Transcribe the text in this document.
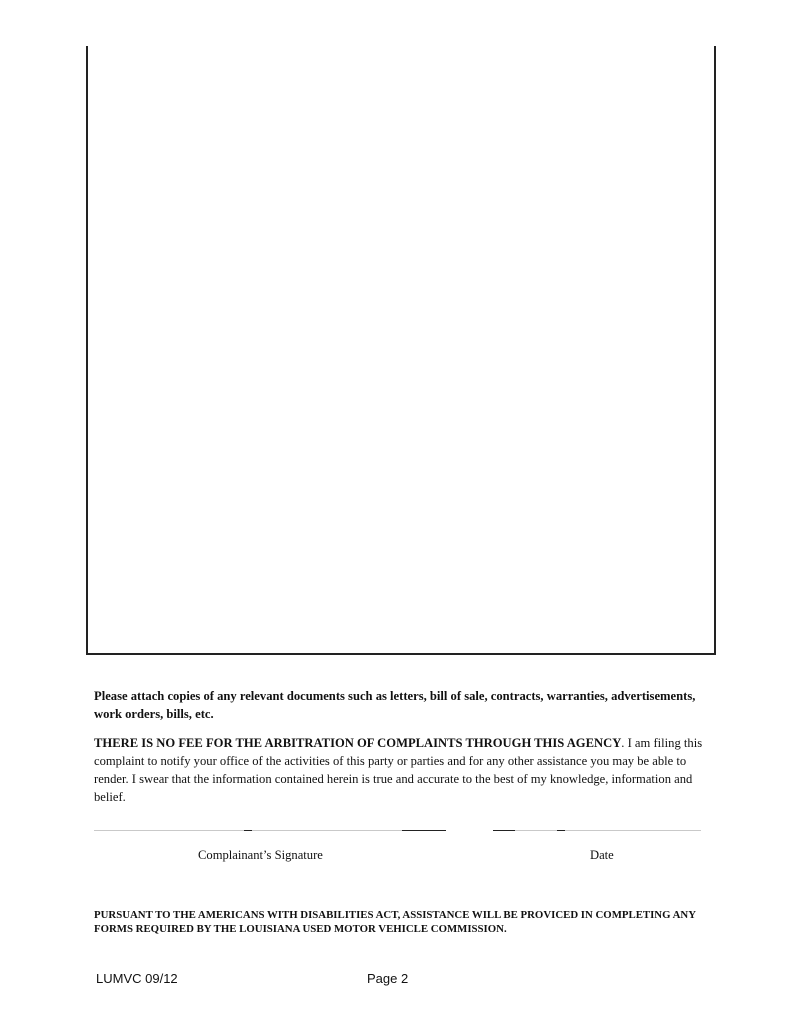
Please attach copies of any relevant documents such as letters, bill of sale, contracts, warranties, advertisements, work orders, bills, etc.
THERE IS NO FEE FOR THE ARBITRATION OF COMPLAINTS THROUGH THIS AGENCY. I am filing this complaint to notify your office of the activities of this party or parties and for any other assistance you may be able to render. I swear that the information contained herein is true and accurate to the best of my knowledge, information and belief.
Complainant’s Signature	Date
PURSUANT TO THE AMERICANS WITH DISABILITIES ACT, ASSISTANCE WILL BE PROVICED IN COMPLETING ANY FORMS REQUIRED BY THE LOUISIANA USED MOTOR VEHICLE COMMISSION.
LUMVC 09/12	Page 2
